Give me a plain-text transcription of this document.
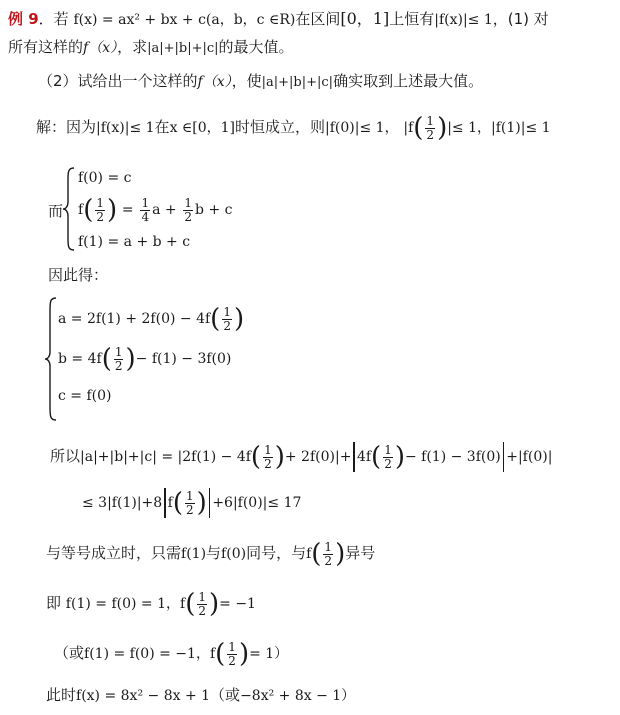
例 9．若 f(x) = ax² + bx + c(a，b，c ∈R)在区间[0，1]上恒有|f(x)|≤ 1，(1) 对
所有这样的f（x），求|a|+|b|+|c|的最大值。
（2）试给出一个这样的f（x），使|a|+|b|+|c|确实取到上述最大值。
解：因为|f(x)|≤ 1在x ∈[0，1]时恒成立，则|f(0)|≤ 1， |f ( $\frac{1}{2}$ ) |≤ 1，|f(1)|≤ 1
而
f(0) = c
f ( $\frac{1}{2}$ ) = $\frac{1}{4}$ $a + \frac{1}{2}$ b + c
f(1) = a + b + c
因此得：
a = 2f(1) + 2f(0) − 4f ( $\frac{1}{2}$ )
b = 4f ( $\frac{1}{2}$ ) − f(1) − 3f(0)
c = f(0)
所以|a|+|b|+|c| = |2f(1) − 4f ( $\frac{1}{2}$ ) + 2f(0)|+ 4f ( $\frac{1}{2}$ ) − f(1) − 3f(0) +|f(0)|
≤ 3|f(1)|+8 f ( $\frac{1}{2}$ ) +6|f(0)|≤ 17
与等号成立时，只需f(1)与f(0)同号，与f ( $\frac{1}{2}$ ) 异号
即 f(1) = f(0) = 1，f ( $\frac{1}{2}$ ) = −1
（或f(1) = f(0) = −1，f ( $\frac{1}{2}$ ) = 1）
此时f(x) = 8x² − 8x + 1（或−8x² + 8x − 1）
